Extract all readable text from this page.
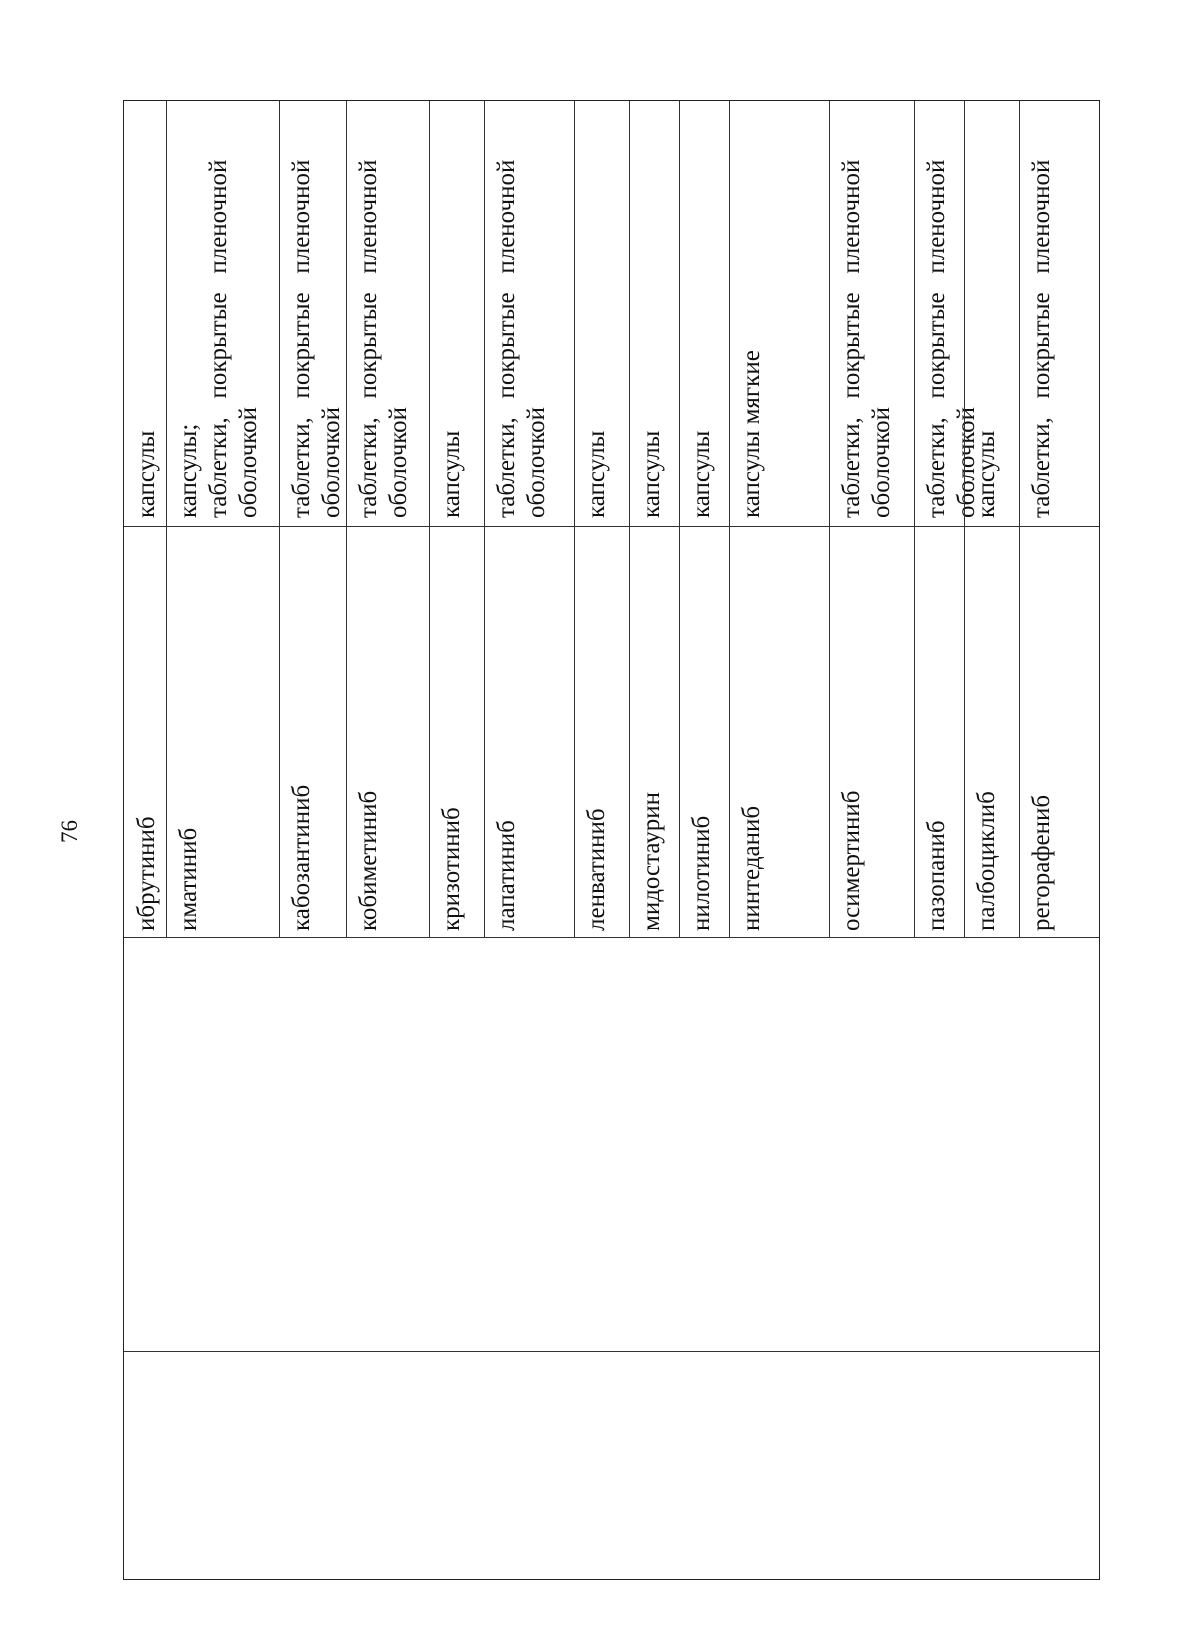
76 ибрутиниб
капсулы
иматиниб
капсулы; таблетки,   покрытые   пленочной оболочкой
кабозантиниб
таблетки,   покрытые   пленочной оболочкой
кобиметиниб
таблетки,   покрытые   пленочной оболочкой
кризотиниб
капсулы
лапатиниб
таблетки,   покрытые   пленочной оболочкой
ленватиниб
капсулы
мидостаурин
капсулы
нилотиниб
капсулы
нинтеданиб
капсулы мягкие
осимертиниб
таблетки,   покрытые   пленочной оболочкой
пазопаниб
таблетки,   покрытые   пленочной оболочкой
палбоциклиб
капсулы
регорафениб
таблетки,   покрытые   пленочной
